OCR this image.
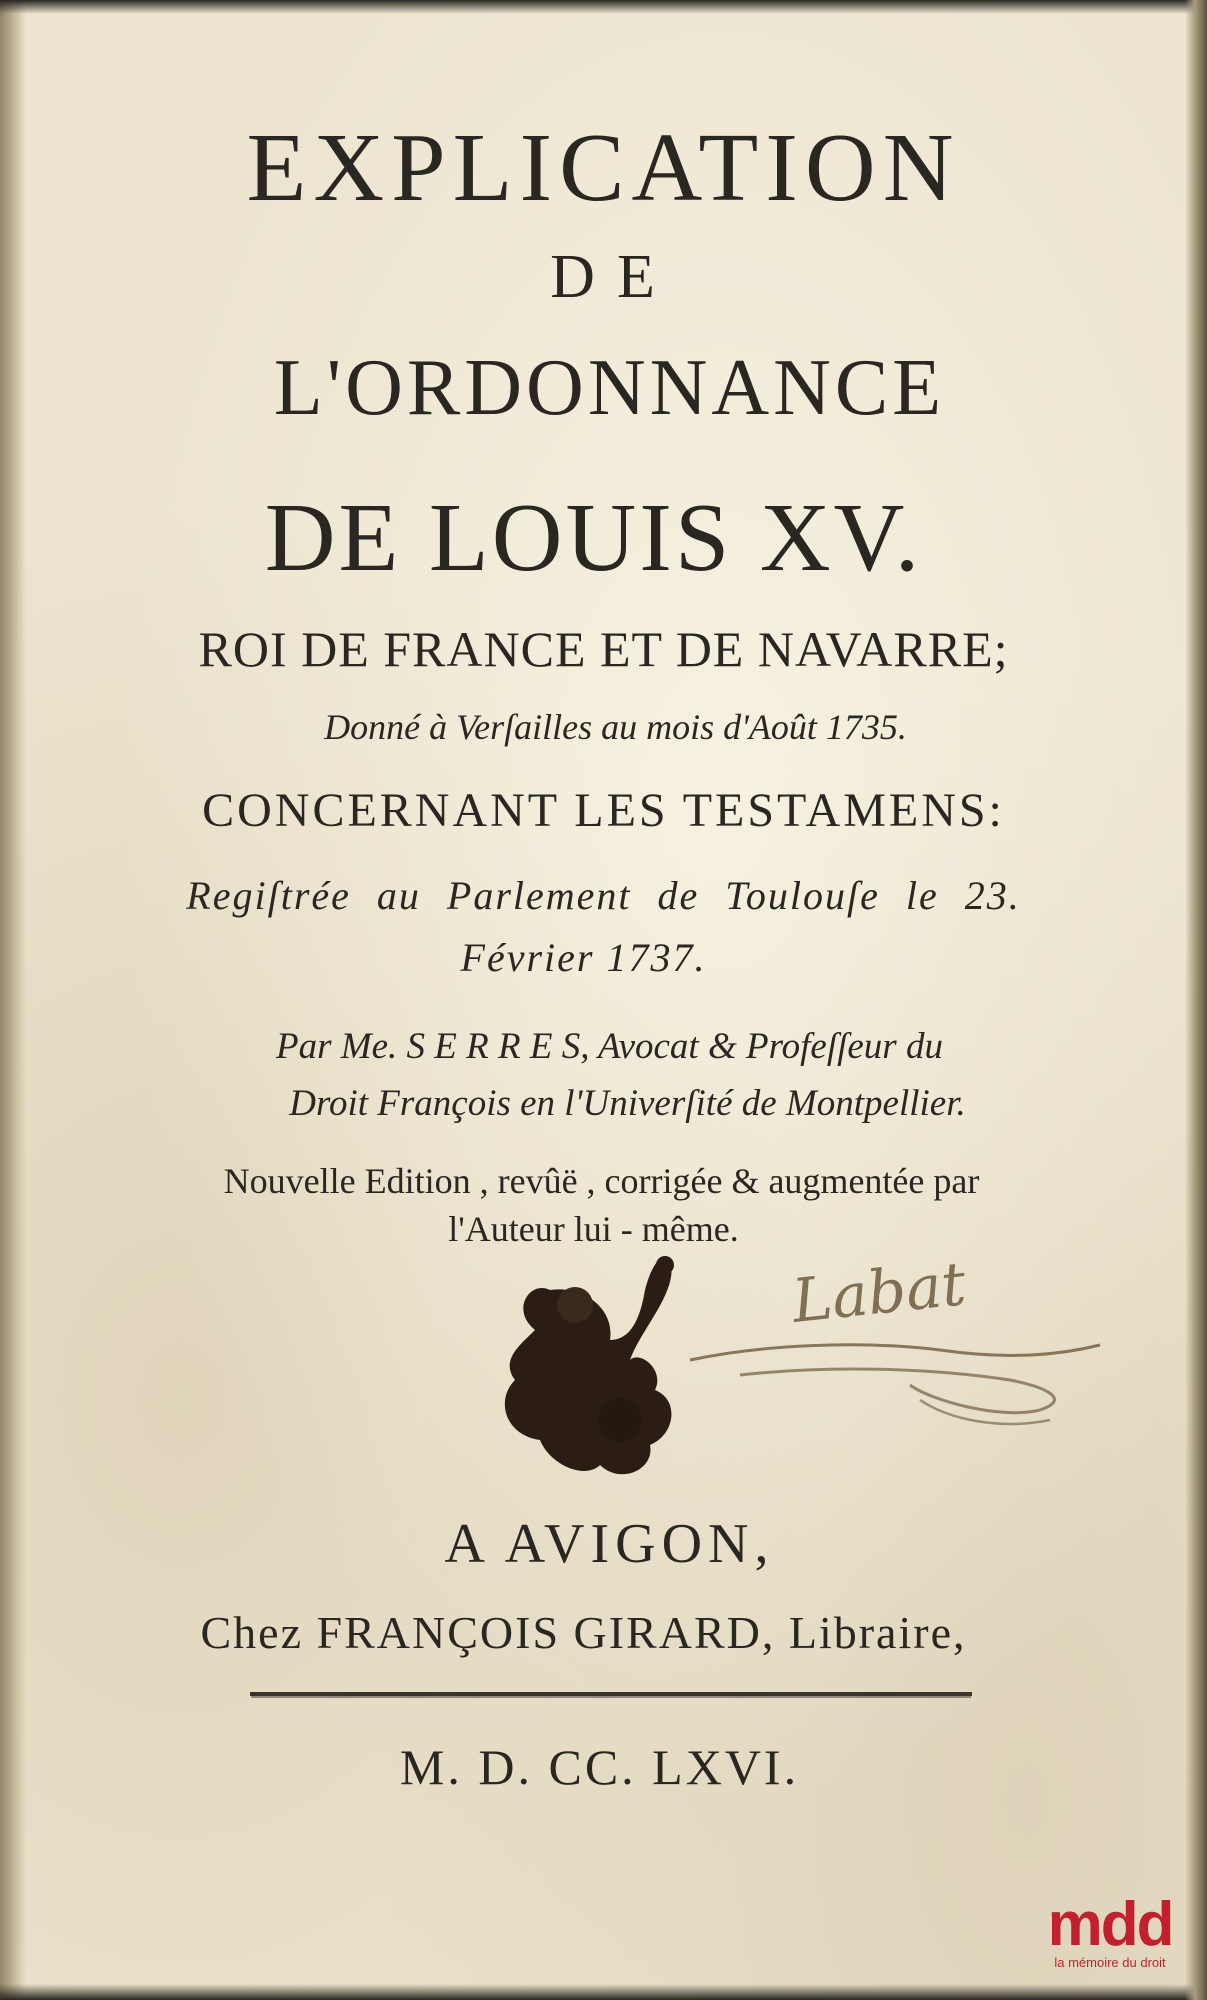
EXPLICATION

DE

L'ORDONNANCE

DE LOUIS XV.

ROI DE FRANCE ET DE NAVARRE;

Donné à Verſailles au mois d'Août 1735.

CONCERNANT LES TESTAMENS:

Regiſtrée au Parlement de Toulouſe le 23.

Février 1737.

Par Me. S E R R E S, Avocat & Profeſſeur du

Droit François en l'Univerſité de Montpellier.

Nouvelle Edition , revûë , corrigée & augmentée par

l'Auteur lui - même.

Labat

A AVIGON,

Chez FRANÇOIS GIRARD, Libraire,

M. D. CC. LXVI.

mdd
la mémoire du droit
